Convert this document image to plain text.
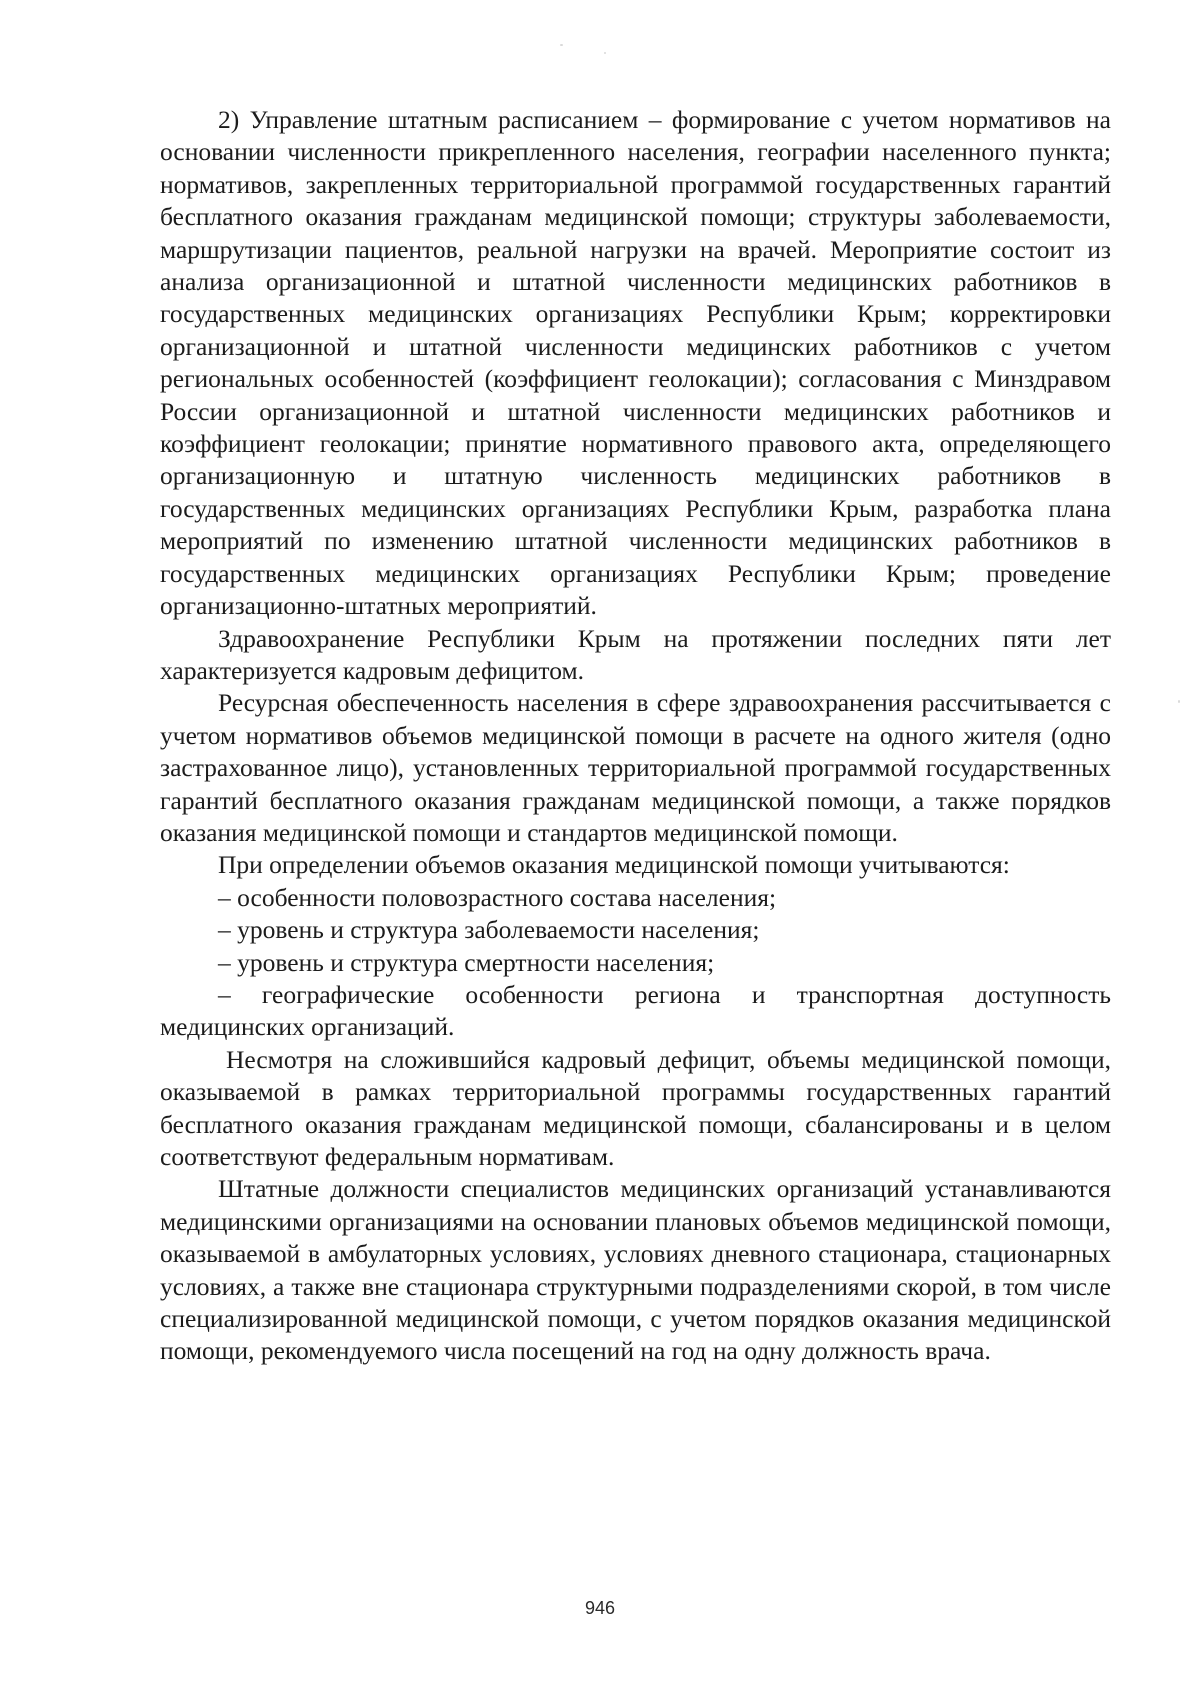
2) Управление штатным расписанием – формирование с учетом нормативов на основании численности прикрепленного населения, географии населенного пункта; нормативов, закрепленных территориальной программой государственных гарантий бесплатного оказания гражданам медицинской помощи; структуры заболеваемости, маршрутизации пациентов, реальной нагрузки на врачей. Мероприятие состоит из анализа организационной и штатной численности медицинских работников в государственных медицинских организациях Республики Крым; корректировки организационной и штатной численности медицинских работников с учетом региональных особенностей (коэффициент геолокации); согласования с Минздравом России организационной и штатной численности медицинских работников и коэффициент геолокации; принятие нормативного правового акта, определяющего организационную и штатную численность медицинских работников в государственных медицинских организациях Республики Крым, разработка плана мероприятий по изменению штатной численности медицинских работников в государственных медицинских организациях Республики Крым; проведение организационно-штатных мероприятий.

Здравоохранение Республики Крым на протяжении последних пяти лет характеризуется кадровым дефицитом.

Ресурсная обеспеченность населения в сфере здравоохранения рассчитывается с учетом нормативов объемов медицинской помощи в расчете на одного жителя (одно застрахованное лицо), установленных территориальной программой государственных гарантий бесплатного оказания гражданам медицинской помощи, а также порядков оказания медицинской помощи и стандартов медицинской помощи.

При определении объемов оказания медицинской помощи учитываются:

– особенности половозрастного состава населения;

– уровень и структура заболеваемости населения;

– уровень и структура смертности населения;

– географические особенности региона и транспортная доступность медицинских организаций.

Несмотря на сложившийся кадровый дефицит, объемы медицинской помощи, оказываемой в рамках территориальной программы государственных гарантий бесплатного оказания гражданам медицинской помощи, сбалансированы и в целом соответствуют федеральным нормативам.

Штатные должности специалистов медицинских организаций устанавливаются медицинскими организациями на основании плановых объемов медицинской помощи, оказываемой в амбулаторных условиях, условиях дневного стационара, стационарных условиях, а также вне стационара структурными подразделениями скорой, в том числе специализированной медицинской помощи, с учетом порядков оказания медицинской помощи, рекомендуемого числа посещений на год на одну должность врача.

946
